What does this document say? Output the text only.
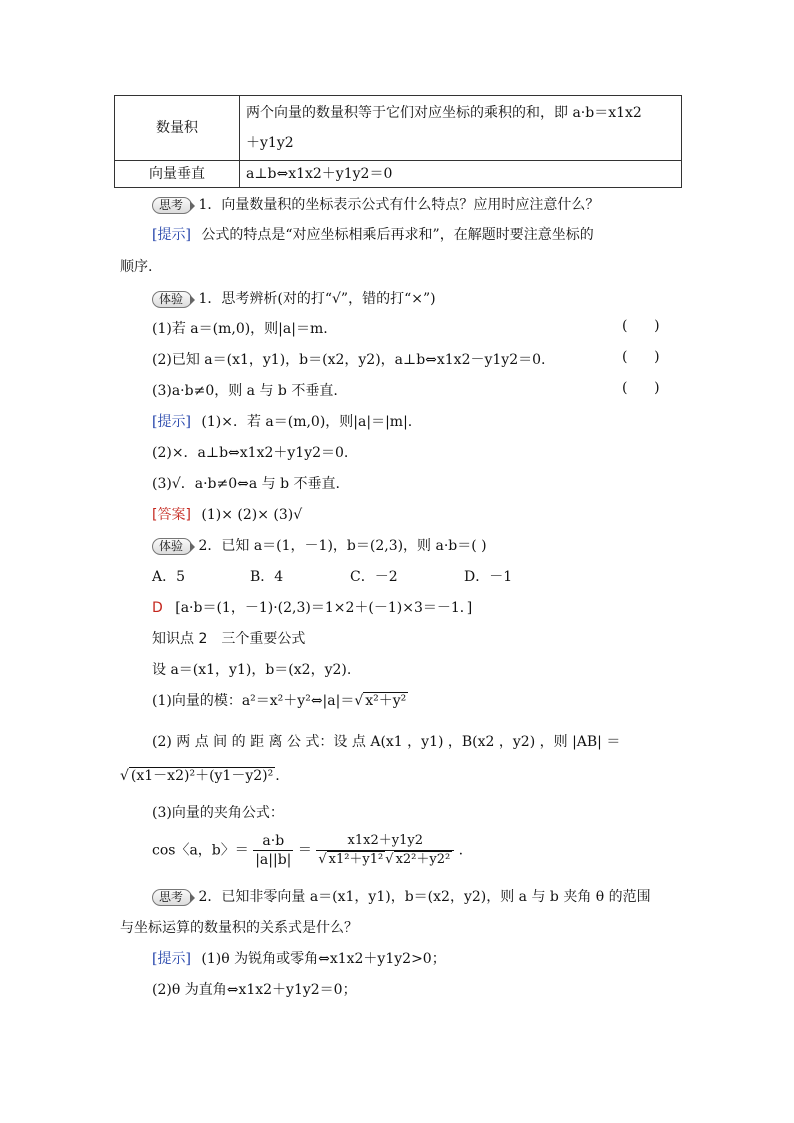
数量积	两个向量的数量积等于它们对应坐标的乘积的和，即 a·b＝x1x2
＋y1y2

向量垂直	a⊥b⇔x1x2＋y1y2＝0
思考 1．向量数量积的坐标表示公式有什么特点？应用时应注意什么？
[提示] 公式的特点是“对应坐标相乘后再求和”，在解题时要注意坐标的
顺序.
体验 1．思考辨析(对的打“√”，错的打“×”)
(1)若 a＝(m,0)，则|a|＝m.	(      )
(2)已知 a＝(x1，y1)，b＝(x2，y2)，a⊥b⇔x1x2－y1y2＝0.	(      )
(3)a·b≠0，则 a 与 b 不垂直.	(      )
[提示] (1)×．若 a＝(m,0)，则|a|＝|m|.
(2)×．a⊥b⇔x1x2＋y1y2＝0.
(3)√．a·b≠0⇔a 与 b 不垂直.
[答案] (1)× (2)× (3)√
体验 2．已知 a＝(1，－1)，b＝(2,3)，则 a·b＝( )
A．5	B．4	C．－2	D．－1
D [a·b＝(1，－1)·(2,3)＝1×2＋(－1)×3＝－1．]
知识点 2　三个重要公式
设 a＝(x1，y1)，b＝(x2，y2).
(1)向量的模：a²＝x²＋y²⇔|a|＝√ x²＋y²
(2) 两 点 间 的 距 离 公 式：设 点 A(x1 ，y1) ，B(x2 ，y2) ，则 |AB| ＝
√ (x1－x2)²＋(y1－y2)² .
(3)向量的夹角公式：
cos〈a，b〉＝ $\frac{a\cdot b}{|a||b|} = \frac{x1x2+y1y2}{\text{√ x1²＋y1² √ x2²＋y2²}}$ .
思考 2．已知非零向量 a＝(x1，y1)，b＝(x2，y2)，则 a 与 b 夹角 θ 的范围
与坐标运算的数量积的关系式是什么？
[提示] (1)θ 为锐角或零角⇔x1x2＋y1y2>0；
(2)θ 为直角⇔x1x2＋y1y2＝0；
